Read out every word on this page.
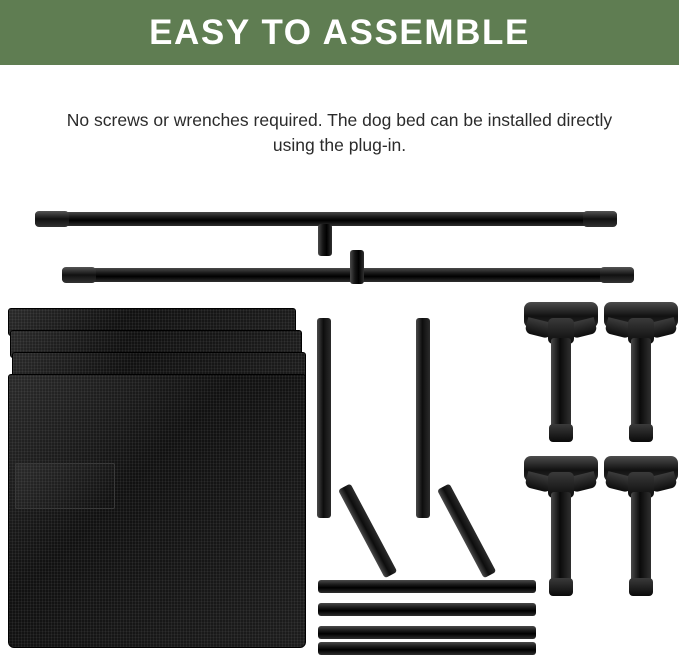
EASY TO ASSEMBLE
No screws or wrenches required. The dog bed can be installed directly using the plug-in.
